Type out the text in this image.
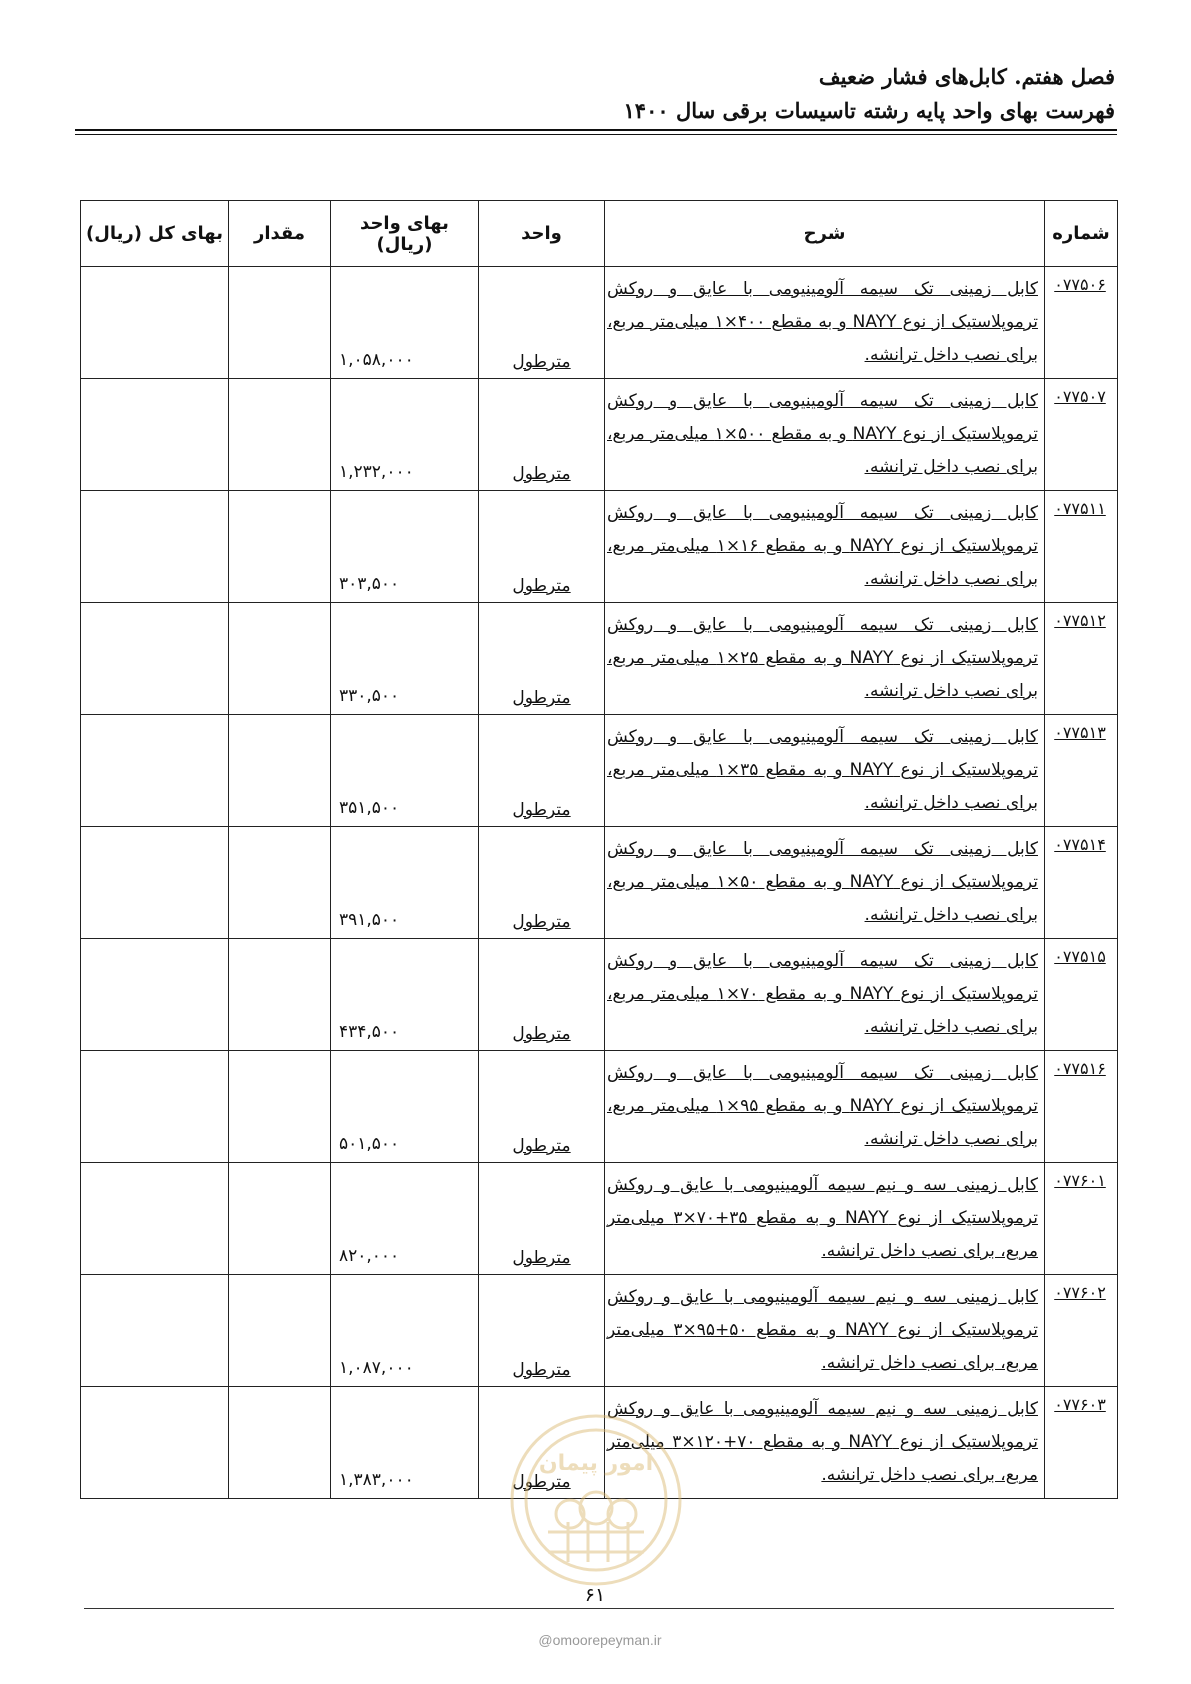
فصل هفتم. کابل‌های فشار ضعیف
فهرست بهای واحد پایه رشته تاسیسات برقی سال ۱۴۰۰
شماره	شرح	واحد	بهای واحد (ریال)	مقدار	بهای کل (ریال)
۰۷۷۵۰۶	کابل زمینی تک سیمه آلومینیومی با عایق و روکش ترموپلاستیک از نوع NAYY و به مقطع ۴۰۰×۱ میلی‌متر مربع، برای نصب داخل ترانشه.	مترطول	۱,۰۵۸,۰۰۰		
۰۷۷۵۰۷	کابل زمینی تک سیمه آلومینیومی با عایق و روکش ترموپلاستیک از نوع NAYY و به مقطع ۵۰۰×۱ میلی‌متر مربع، برای نصب داخل ترانشه.	مترطول	۱,۲۳۲,۰۰۰		
۰۷۷۵۱۱	کابل زمینی تک سیمه آلومینیومی با عایق و روکش ترموپلاستیک از نوع NAYY و به مقطع ۱۶×۱ میلی‌متر مربع، برای نصب داخل ترانشه.	مترطول	۳۰۳,۵۰۰		
۰۷۷۵۱۲	کابل زمینی تک سیمه آلومینیومی با عایق و روکش ترموپلاستیک از نوع NAYY و به مقطع ۲۵×۱ میلی‌متر مربع، برای نصب داخل ترانشه.	مترطول	۳۳۰,۵۰۰		
۰۷۷۵۱۳	کابل زمینی تک سیمه آلومینیومی با عایق و روکش ترموپلاستیک از نوع NAYY و به مقطع ۳۵×۱ میلی‌متر مربع، برای نصب داخل ترانشه.	مترطول	۳۵۱,۵۰۰		
۰۷۷۵۱۴	کابل زمینی تک سیمه آلومینیومی با عایق و روکش ترموپلاستیک از نوع NAYY و به مقطع ۵۰×۱ میلی‌متر مربع، برای نصب داخل ترانشه.	مترطول	۳۹۱,۵۰۰		
۰۷۷۵۱۵	کابل زمینی تک سیمه آلومینیومی با عایق و روکش ترموپلاستیک از نوع NAYY و به مقطع ۷۰×۱ میلی‌متر مربع، برای نصب داخل ترانشه.	مترطول	۴۳۴,۵۰۰		
۰۷۷۵۱۶	کابل زمینی تک سیمه آلومینیومی با عایق و روکش ترموپلاستیک از نوع NAYY و به مقطع ۹۵×۱ میلی‌متر مربع، برای نصب داخل ترانشه.	مترطول	۵۰۱,۵۰۰		
۰۷۷۶۰۱	کابل زمینی سه و نیم سیمه آلومینیومی با عایق و روکش ترموپلاستیک از نوع NAYY و به مقطع ۳۵+۷۰×۳ میلی‌متر مربع، برای نصب داخل ترانشه.	مترطول	۸۲۰,۰۰۰		
۰۷۷۶۰۲	کابل زمینی سه و نیم سیمه آلومینیومی با عایق و روکش ترموپلاستیک از نوع NAYY و به مقطع ۵۰+۹۵×۳ میلی‌متر مربع، برای نصب داخل ترانشه.	مترطول	۱,۰۸۷,۰۰۰		
۰۷۷۶۰۳	کابل زمینی سه و نیم سیمه آلومینیومی با عایق و روکش ترموپلاستیک از نوع NAYY و به مقطع ۷۰+۱۲۰×۳ میلی‌متر مربع، برای نصب داخل ترانشه.	مترطول	۱,۳۸۳,۰۰۰		
امور پیمان
۶۱
@omoorepeyman.ir
